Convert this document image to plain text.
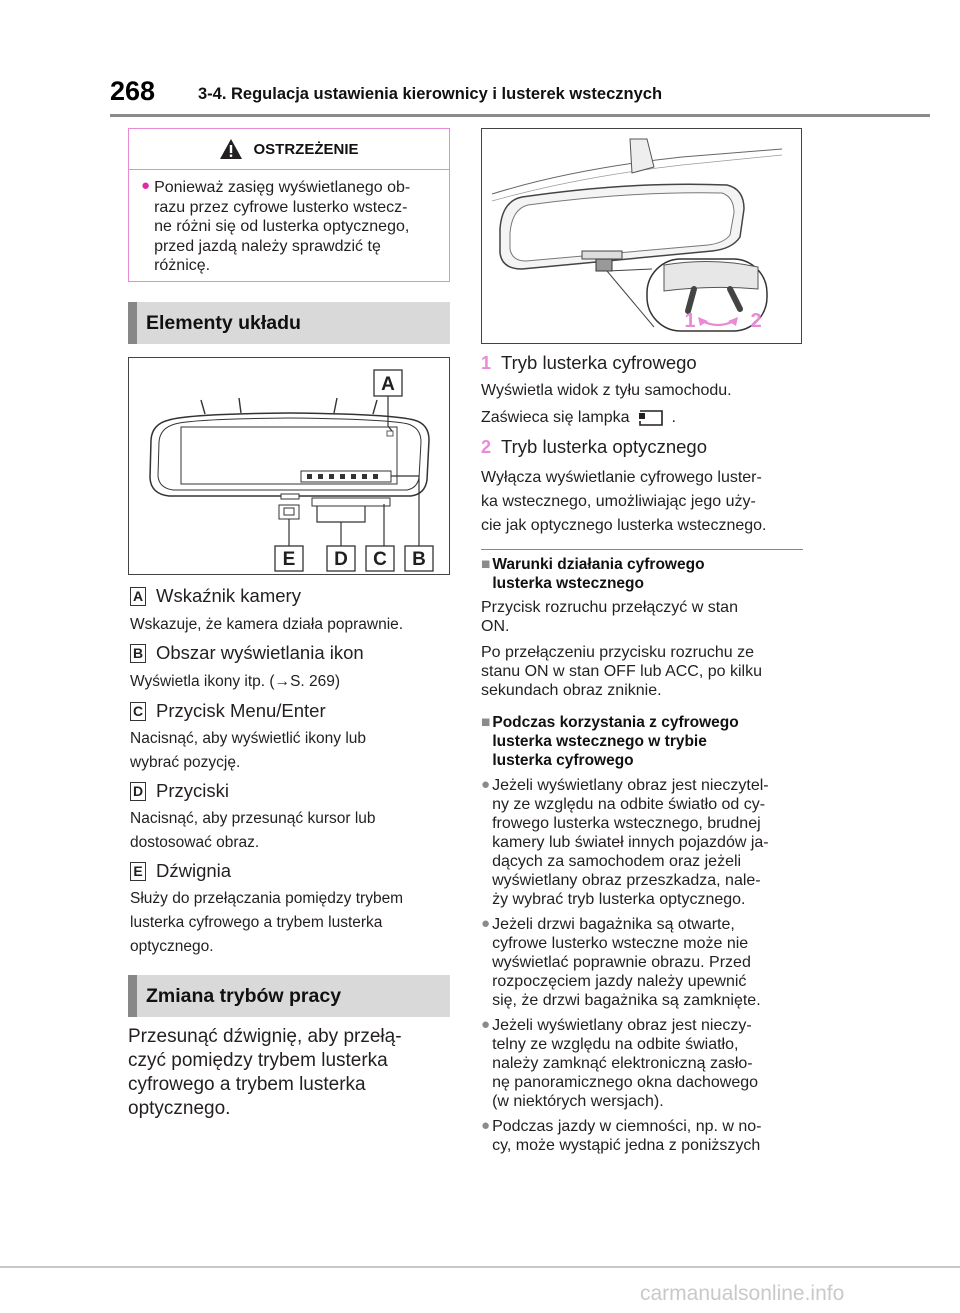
268	3-4. Regulacja ustawienia kierownicy i lusterek wstecznych
OSTRZEŻENIE
● Ponieważ zasięg wyświetlanego ob-
razu przez cyfrowe lusterko wstecz-
ne różni się od lusterka optycznego,
przed jazdą należy sprawdzić tę
różnicę.
Elementy układu
A
B
C
D
E
A Wskaźnik kamery
Wskazuje, że kamera działa poprawnie.
B Obszar wyświetlania ikon
Wyświetla ikony itp. (→S. 269)
C Przycisk Menu/Enter
Nacisnąć, aby wyświetlić ikony lub
wybrać pozycję.
D Przyciski
Nacisnąć, aby przesunąć kursor lub
dostosować obraz.
E Dźwignia
Służy do przełączania pomiędzy trybem
lusterka cyfrowego a trybem lusterka
optycznego.
Zmiana trybów pracy
Przesunąć dźwignię, aby przełą-
czyć pomiędzy trybem lusterka
cyfrowego a trybem lusterka
optycznego.
1	2
1 Tryb lusterka cyfrowego
Wyświetla widok z tyłu samochodu.
Zaświeca się lampka	.
2 Tryb lusterka optycznego
Wyłącza wyświetlanie cyfrowego luster-
ka wstecznego, umożliwiając jego uży-
cie jak optycznego lusterka wstecznego.
■ Warunki działania cyfrowego
lusterka wstecznego
Przycisk rozruchu przełączyć w stan
ON.
Po przełączeniu przycisku rozruchu ze
stanu ON w stan OFF lub ACC, po kilku
sekundach obraz zniknie.
■ Podczas korzystania z cyfrowego
lusterka wstecznego w trybie
lusterka cyfrowego
● Jeżeli wyświetlany obraz jest nieczytel-
ny ze względu na odbite światło od cy-
frowego lusterka wstecznego, brudnej
kamery lub świateł innych pojazdów ja-
dących za samochodem oraz jeżeli
wyświetlany obraz przeszkadza, nale-
ży wybrać tryb lusterka optycznego.
● Jeżeli drzwi bagażnika są otwarte,
cyfrowe lusterko wsteczne może nie
wyświetlać poprawnie obrazu. Przed
rozpoczęciem jazdy należy upewnić
się, że drzwi bagażnika są zamknięte.
● Jeżeli wyświetlany obraz jest nieczy-
telny ze względu na odbite światło,
należy zamknąć elektroniczną zasło-
nę panoramicznego okna dachowego
(w niektórych wersjach).
● Podczas jazdy w ciemności, np. w no-
cy, może wystąpić jedna z poniższych
carmanualsonline.info
